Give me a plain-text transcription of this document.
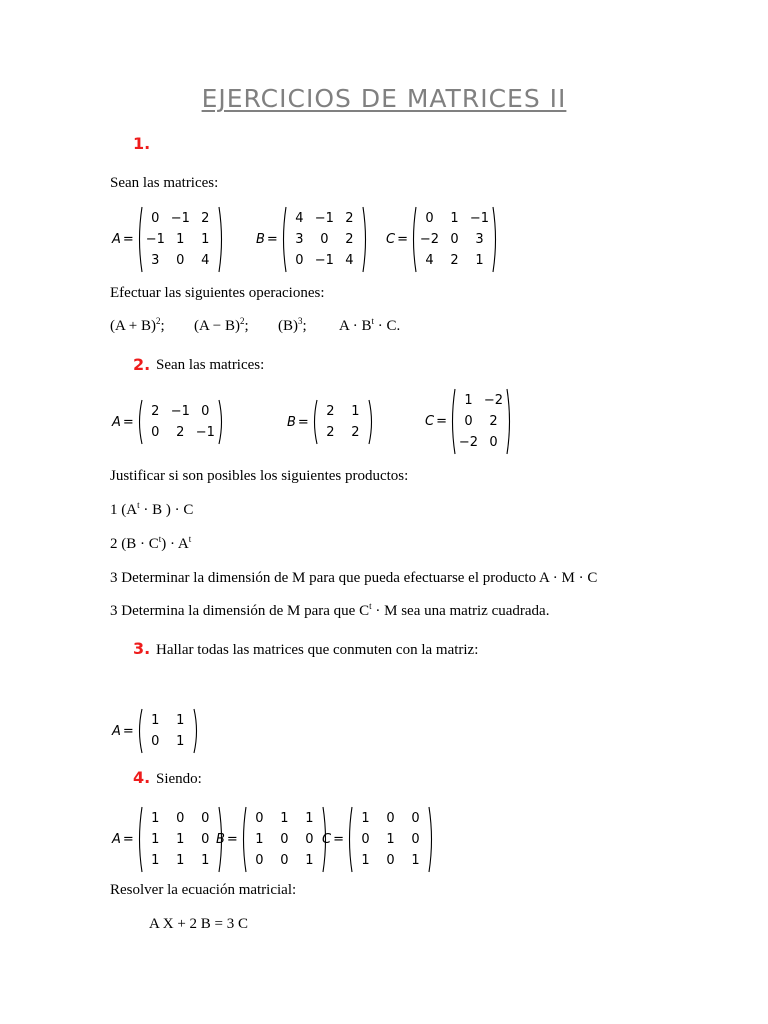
EJERCICIOS DE MATRICES II
1.
Sean las matrices:
A =
0 −1 2
−1 1	1
3	0	4
B =
4 −1 2
3	0	2
0 −1 4
C =
0	1 −1
−2 0	3
4	2	1
Efectuar las siguientes operaciones:
$(A + B)^2$; $(A - B)^2$; $(B)^3$; $A \cdot B^t \cdot C$.
2. Sean las matrices:
A =
2 −1 0
0	2 −1
B =
2	1
2	2
C =
1 −2
0	2
−2 0
Justificar si son posibles los siguientes productos:
1 ($A^t \cdot B$ ) · C
2 $(B \cdot C^t) \cdot A^t$
3 Determinar la dimensión de M para que pueda efectuarse el producto A · M · C
3 Determina la dimensión de M para que $C^t \cdot M$ sea una matriz cuadrada.
3. Hallar todas las matrices que conmuten con la matriz:
A =
1	1
0	1
4. Siendo:
A =
1	0	0
1	1	0
1	1	1
B =
0	1	1
1	0	0
0	0	1
C =
1	0	0
0	1	0
1	0	1
Resolver la ecuación matricial:
A X + 2 B = 3 C
